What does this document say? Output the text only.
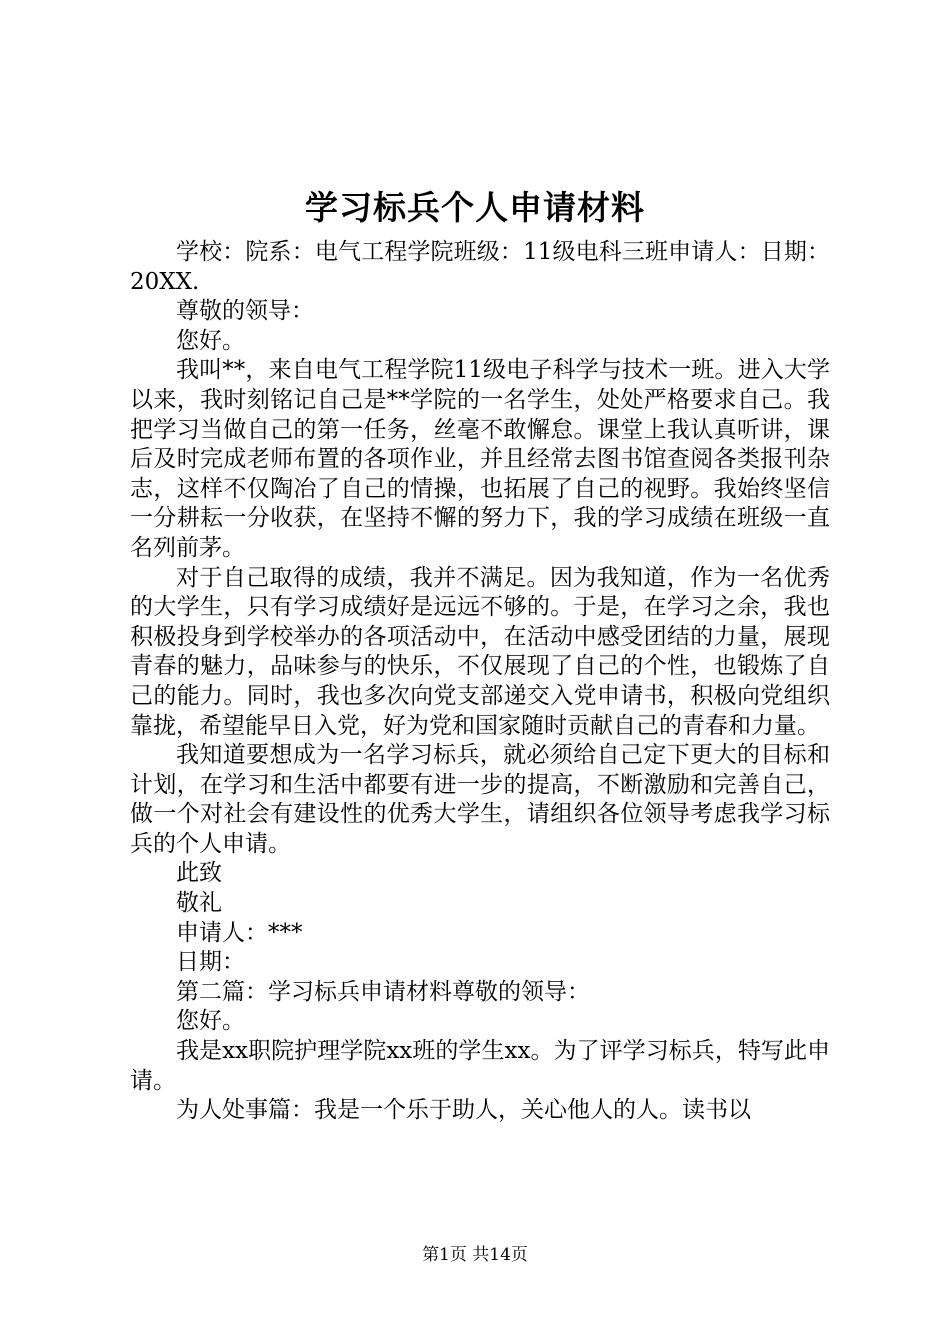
学习标兵个人申请材料

学校：院系：电气工程学院班级：11级电科三班申请人：日期：20XX.

尊敬的领导：

您好。

我叫**，来自电气工程学院11级电子科学与技术一班。进入大学以来，我时刻铭记自己是**学院的一名学生，处处严格要求自己。我把学习当做自己的第一任务，丝毫不敢懈怠。课堂上我认真听讲，课后及时完成老师布置的各项作业，并且经常去图书馆查阅各类报刊杂志，这样不仅陶冶了自己的情操，也拓展了自己的视野。我始终坚信一分耕耘一分收获，在坚持不懈的努力下，我的学习成绩在班级一直名列前茅。

对于自己取得的成绩，我并不满足。因为我知道，作为一名优秀的大学生，只有学习成绩好是远远不够的。于是，在学习之余，我也积极投身到学校举办的各项活动中，在活动中感受团结的力量，展现青春的魅力，品味参与的快乐，不仅展现了自己的个性，也锻炼了自己的能力。同时，我也多次向党支部递交入党申请书，积极向党组织靠拢，希望能早日入党，好为党和国家随时贡献自己的青春和力量。

我知道要想成为一名学习标兵，就必须给自己定下更大的目标和计划，在学习和生活中都要有进一步的提高，不断激励和完善自己，做一个对社会有建设性的优秀大学生，请组织各位领导考虑我学习标兵的个人申请。

此致

敬礼

申请人：***

日期：

第二篇：学习标兵申请材料尊敬的领导：

您好。

我是xx职院护理学院xx班的学生xx。为了评学习标兵，特写此申请。

为人处事篇：我是一个乐于助人，关心他人的人。读书以

第1页 共14页
